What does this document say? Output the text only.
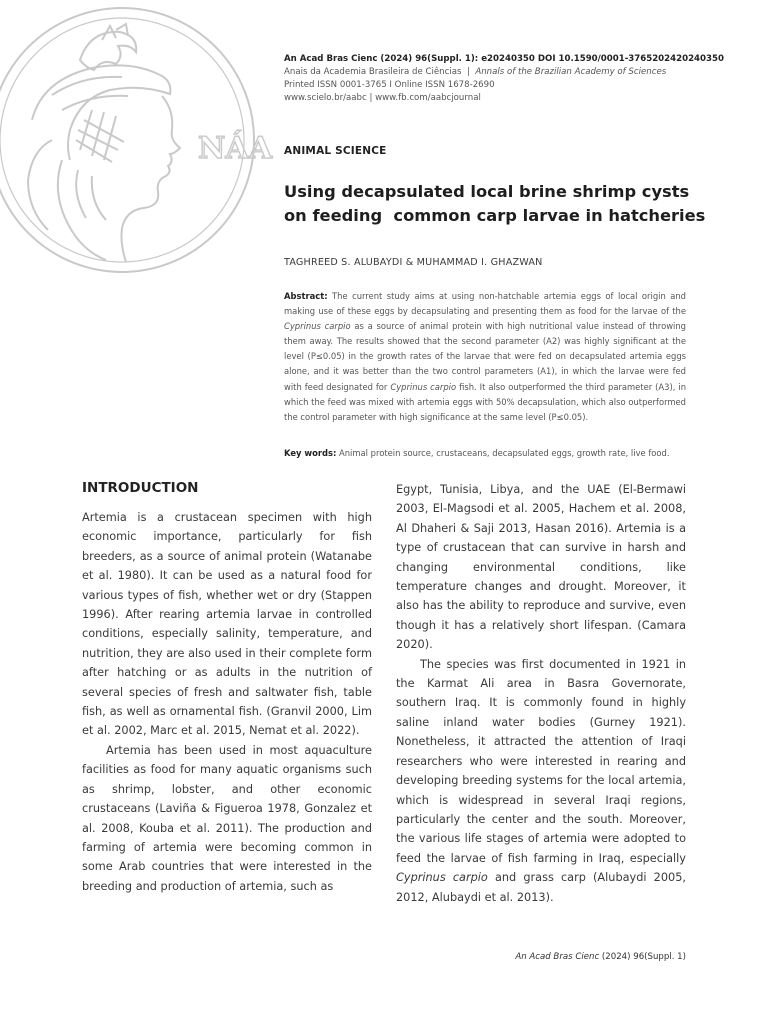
NÁA
An Acad Bras Cienc (2024) 96(Suppl. 1): e20240350 DOI 10.1590/0001-3765202420240350
Anais da Academia Brasileira de Ciências | Annals of the Brazilian Academy of Sciences
Printed ISSN 0001-3765 I Online ISSN 1678-2690
www.scielo.br/aabc | www.fb.com/aabcjournal
ANIMAL SCIENCE
Using decapsulated local brine shrimp cysts
on feeding  common carp larvae in hatcheries
TAGHREED S. ALUBAYDI & MUHAMMAD I. GHAZWAN
Abstract: The current study aims at using non-hatchable artemia eggs of local origin and making use of these eggs by decapsulating and presenting them as food for the larvae of the Cyprinus carpio as a source of animal protein with high nutritional value instead of throwing them away. The results showed that the second parameter (A2) was highly significant at the level (P≤0.05) in the growth rates of the larvae that were fed on decapsulated artemia eggs alone, and it was better than the two control parameters (A1), in which the larvae were fed with feed designated for Cyprinus carpio fish. It also outperformed the third parameter (A3), in which the feed was mixed with artemia eggs with 50% decapsulation, which also outperformed the control parameter with high significance at the same level (P≤0.05).
Key words: Animal protein source, crustaceans, decapsulated eggs, growth rate, live food.
INTRODUCTION

Artemia is a crustacean specimen with high economic importance, particularly for fish breeders, as a source of animal protein (Watanabe et al. 1980). It can be used as a natural food for various types of fish, whether wet or dry (Stappen 1996). After rearing artemia larvae in controlled conditions, especially salinity, temperature, and nutrition, they are also used in their complete form after hatching or as adults in the nutrition of several species of fresh and saltwater fish, table fish, as well as ornamental fish. (Granvil 2000, Lim et al. 2002, Marc et al. 2015, Nemat et al. 2022).

Artemia has been used in most aquaculture facilities as food for many aquatic organisms such as shrimp, lobster, and other economic crustaceans (Laviña & Figueroa 1978, Gonzalez et al. 2008, Kouba et al. 2011). The production and farming of artemia were becoming common in some Arab countries that were interested in the breeding and production of artemia, such as

Egypt, Tunisia, Libya, and the UAE (El-Bermawi 2003, El-Magsodi et al. 2005, Hachem et al. 2008, Al Dhaheri & Saji 2013, Hasan 2016). Artemia is a type of crustacean that can survive in harsh and changing environmental conditions, like temperature changes and drought. Moreover, it also has the ability to reproduce and survive, even though it has a relatively short lifespan. (Camara 2020).

The species was first documented in 1921 in the Karmat Ali area in Basra Governorate, southern Iraq. It is commonly found in highly saline inland water bodies (Gurney 1921). Nonetheless, it attracted the attention of Iraqi researchers who were interested in rearing and developing breeding systems for the local artemia, which is widespread in several Iraqi regions, particularly the center and the south. Moreover, the various life stages of artemia were adopted to feed the larvae of fish farming in Iraq, especially Cyprinus carpio and grass carp (Alubaydi 2005, 2012, Alubaydi et al. 2013).

An Acad Bras Cienc (2024) 96(Suppl. 1)
